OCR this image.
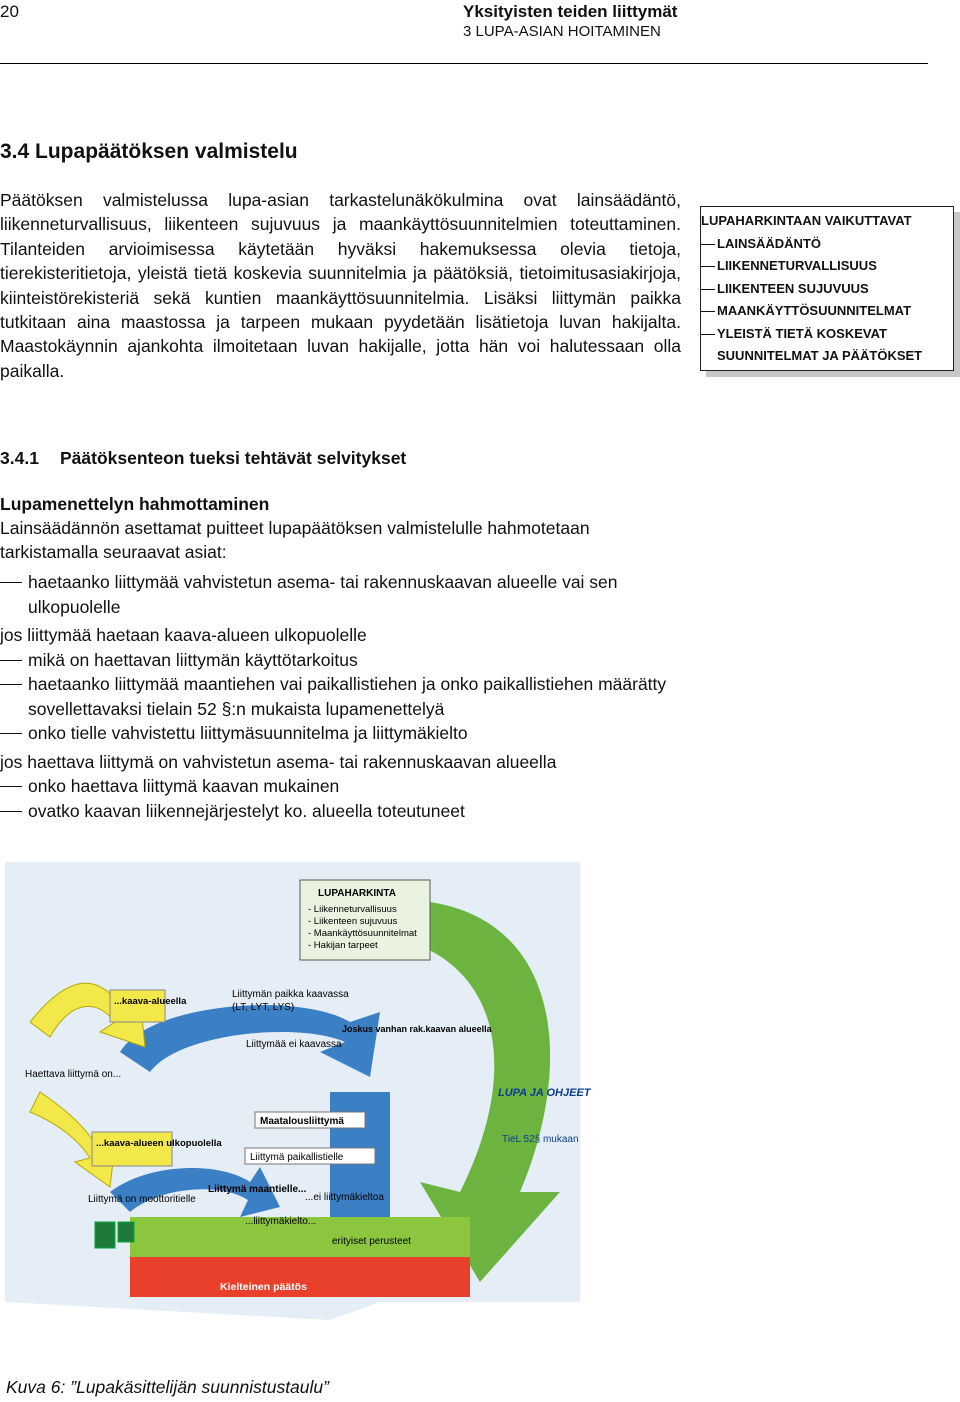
20	Yksityisten teiden liittymät
3 LUPA-ASIAN HOITAMINEN
3.4 Lupapäätöksen valmistelu
Päätöksen valmistelussa lupa-asian tarkastelunäkökulmina ovat lainsäädäntö, liikenneturvallisuus, liikenteen sujuvuus ja maankäyttösuunnitelmien toteuttaminen. Tilanteiden arvioimisessa käytetään hyväksi hakemuksessa olevia tietoja, tierekisteritietoja, yleistä tietä koskevia suunnitelmia ja päätöksiä, tietoimitusasiakirjoja, kiinteistörekisteriä sekä kuntien maankäyttösuunnitelmia. Lisäksi liittymän paikka tutkitaan aina maastossa ja tarpeen mukaan pyydetään lisätietoja luvan hakijalta. Maastokäynnin ajankohta ilmoitetaan luvan hakijalle, jotta hän voi halutessaan olla paikalla.
LUPAHARKINTAAN VAIKUTTAVAT
LAINSÄÄDÄNTÖ
LIIKENNETURVALLISUUS
LIIKENTEEN SUJUVUUS
MAANKÄYTTÖSUUNNITELMAT
YLEISTÄ TIETÄ KOSKEVAT
SUUNNITELMAT JA PÄÄTÖKSET
3.4.1 Päätöksenteon tueksi tehtävät selvitykset
Lupamenettelyn hahmottaminen
Lainsäädännön asettamat puitteet lupapäätöksen valmistelulle hahmotetaan tarkistamalla seuraavat asiat:
haetaanko liittymää vahvistetun asema- tai rakennuskaavan alueelle vai sen ulkopuolelle
jos liittymää haetaan kaava-alueen ulkopuolelle
mikä on haettavan liittymän käyttötarkoitus
haetaanko liittymää maantiehen vai paikallistiehen ja onko paikallistiehen määrätty sovellettavaksi tielain 52 §:n mukaista lupamenettelyä
onko tielle vahvistettu liittymäsuunnitelma ja liittymäkielto
jos haettava liittymä on vahvistetun asema- tai rakennuskaavan alueella
onko haettava liittymä kaavan mukainen
ovatko kaavan liikennejärjestelyt ko. alueella toteutuneet
LUPAHARKINTA
- Liikenneturvallisuus
- Liikenteen sujuvuus
- Maankäyttösuunnitelmat
- Hakijan tarpeet
...kaava-alueella
Liittymän paikka kaavassa
(LT, LYT, LYS)
Liittymää ei kaavassa
Joskus vanhan rak.kaavan alueella
Haettava liittymä on...
LUPA JA OHJEET
TieL 52§ mukaan
Maatalousliittymä
Liittymä paikallistielle
...kaava-alueen ulkopuolella
Liittymä on moottoritielle
Liittymä maantielle...
...ei liittymäkieltoa
...liittymäkielto...
erityiset perusteet
Kielteinen päätös
Kuva 6: ”Lupakäsittelijän suunnistustaulu”
